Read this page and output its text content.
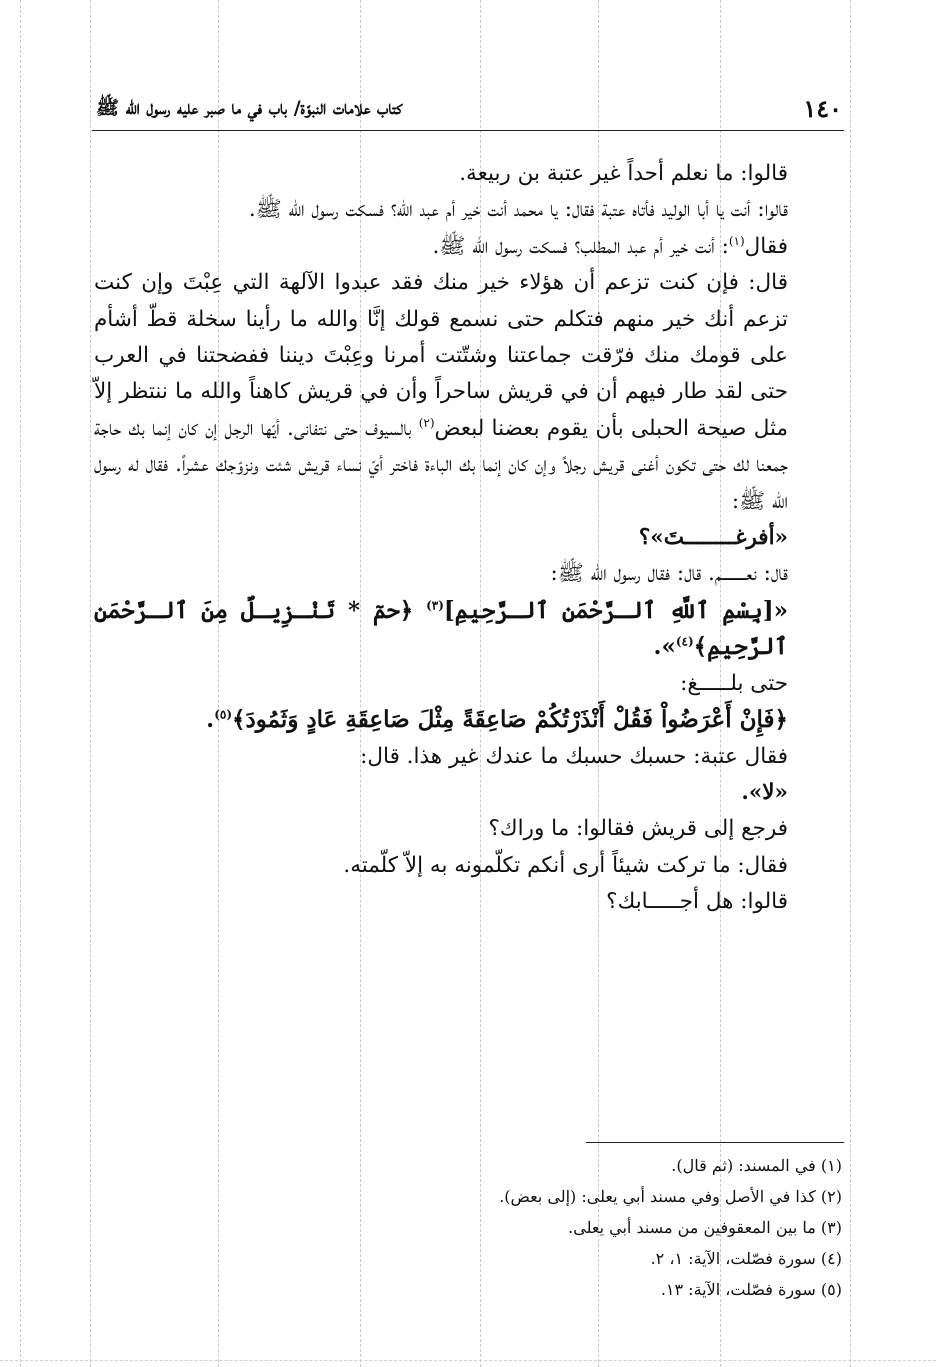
١٤٠
كتاب علامات النبوّة/ باب في ما صبر عليه رسول الله ﷺ

قالوا: ما نعلم أحداً غير عتبة بن ربيعة.

قالوا: أنت يا أبا الوليد فأتاه عتبة فقال: يا محمد أنت خير أم عبد الله؟ فسكت رسول الله ﷺ.

فقال$^{(١)}$: أنت خير أم عبد المطلب؟ فسكت رسول الله ﷺ.

قال: فإن كنت تزعم أن هؤلاء خير منك فقد عبدوا الآلهة التي عِبْتَ وإن كنت تزعم أنك خير منهم فتكلم حتى نسمع قولك إنَّا والله ما رأينا سخلة قطّ أشأم على قومك منك فرّقت جماعتنا وشتّتت أمرنا وعِبْتَ ديننا ففضحتنا في العرب حتى لقد طار فيهم أن في قريش ساحراً وأن في قريش كاهناً والله ما ننتظر إلاّ مثل صيحة الحبلى بأن يقوم بعضنا لبعض$^{(٢)}$ بالسيوف حتى نتفانى. أيّها الرجل إن كان إنما بك حاجة جمعنا لك حتى تكون أغنى قريش رجلاً وإن كان إنما بك الباءة فاختر أيّ نساء قريش شئت ونزوّجك عشراً. فقال له رسول الله ﷺ:

«أفرغــــــــتَ»؟

قال: نعـــــــــم. قال: فقال رسول الله ﷺ:

«[بِسْمِ ٱللَّهِ ٱلـرَّحْمَنِ ٱلـرَّحِيمِ]$^{(٣)}$ ﴿حمٓ * تَنْـزِيـلٌ مِنَ ٱلـرَّحْمَنِ ٱلرَّحِيمِ﴾$^{(٤)}$».

حتى بلـــــغ:

﴿فَإِنْ أَعْرَضُواْ فَقُلْ أَنْذَرْتُكُمْ صَاعِقَةً مِثْلَ صَاعِقَةِ عَادٍ وَثَمُودَ﴾$^{(٥)}$.

فقال عتبة: حسبك حسبك ما عندك غير هذا. قال:

«لا».

فرجع إلى قريش فقالوا: ما وراك؟

فقال: ما تركت شيئاً أرى أنكم تكلّمونه به إلاّ كلّمته.

قالوا: هل أجـــــابك؟

(١) في المسند: (ثم قال).

(٢) كذا في الأصل وفي مسند أبي يعلى: (إلى بعض).

(٣) ما بين المعقوفين من مسند أبي يعلى.

(٤) سورة فصّلت، الآية: ١، ٢.

(٥) سورة فصّلت، الآية: ١٣.
